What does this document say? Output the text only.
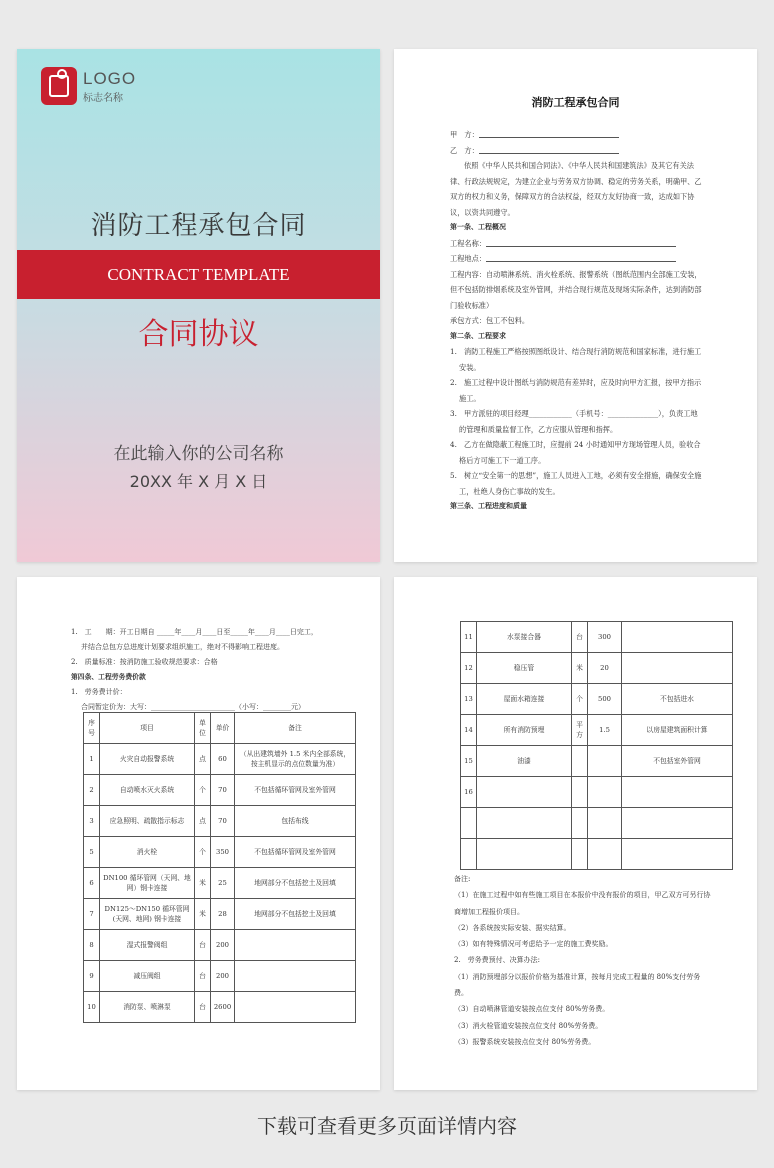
LOGO
标志名称
消防工程承包合同
CONTRACT TEMPLATE
合同协议
在此输入你的公司名称
20XX 年 X 月 X 日
消防工程承包合同
甲　方：
乙　方：
依照《中华人民共和国合同法》、《中华人民共和国建筑法》及其它有关法律、行政法规规定，为建立企业与劳务双方协调、稳定的劳务关系，明确甲、乙双方的权力和义务，保障双方的合法权益，经双方友好协商一致，达成如下协议，以资共同遵守。
第一条、工程概况
工程名称：
工程地点：
工程内容：自动喷淋系统、消火栓系统、报警系统（图纸范围内全部施工安装，但不包括防排烟系统及室外管网，并结合现行规范及现场实际条件，达到消防部门验收标准）
承包方式：包工不包料。
第二条、工程要求
1.　消防工程施工严格按照图纸设计、结合现行消防规范和国家标准，进行施工安装。
2.　施工过程中设计图纸与消防规范有差异时，应及时向甲方汇报，按甲方指示施工。
3.　甲方派驻的项目经理____________（手机号：______________），负责工地的管理和质量监督工作，乙方应服从管理和指挥。
4.　乙方在做隐蔽工程施工时，应提前 24 小时通知甲方现场管理人员，验收合格后方可施工下一道工序。
5.　树立“安全第一的思想”，施工人员进入工地，必须有安全措施，确保安全施工，杜绝人身伤亡事故的发生。
第三条、工程进度和质量
1.　工　　期：开工日期自 _____年____月____日至_____年____月____日完工，
并结合总包方总进度计划要求组织施工，绝对不得影响工程进度。
2.　质量标准：按消防施工验收规范要求：合格
第四条、工程劳务费价款
1.　劳务费计价：
合同暂定价为：大写：________________________（小写：________元）
序号	项目	单位	单价	备注
1	火灾自动报警系统	点	60	（从出建筑墙外 1.5 米内全部系统，按主机显示的点位数量为准）
2	自动喷水灭火系统	个	70	不包括循环管网及室外管网
3	应急照明、疏散指示标志	点	70	包括布线
5	消火栓	个	350	不包括循环管网及室外管网
6	DN100 循环管网（天网、地网）钢卡连接	米	25	地网部分不包括挖土及回填
7	DN125～DN150 循环管网(天网、地网) 钢卡连接	米	28	地网部分不包括挖土及回填
8	湿式报警阀组	台	200	
9	减压阀组	台	200	
10	消防泵、喷淋泵	台	2600	
11	水泵接合器	台	300	
12	稳压管	米	20	
13	屋面水箱连接	个	500	不包括进水
14	所有消防预埋	平方	1.5	以房屋建筑面积计算
15	油漆			不包括室外管网
16				

备注:
（1）在施工过程中如有些施工项目在本报价中没有报价的项目，甲乙双方可另行协商增加工程报价项目。
（2）各系统按实际安装、据实结算。
（3）如有特殊情况可考虑给予一定的施工费奖励。
2.　劳务费预付、决算办法:
（1）消防预埋部分以报价价格为基准计算，按每月完成工程量的 80%支付劳务费。
（3）自动喷淋管道安装按点位支付 80%劳务费。
（3）消火栓管道安装按点位支付 80%劳务费。
（3）报警系统安装按点位支付 80%劳务费。
下载可查看更多页面详情内容
